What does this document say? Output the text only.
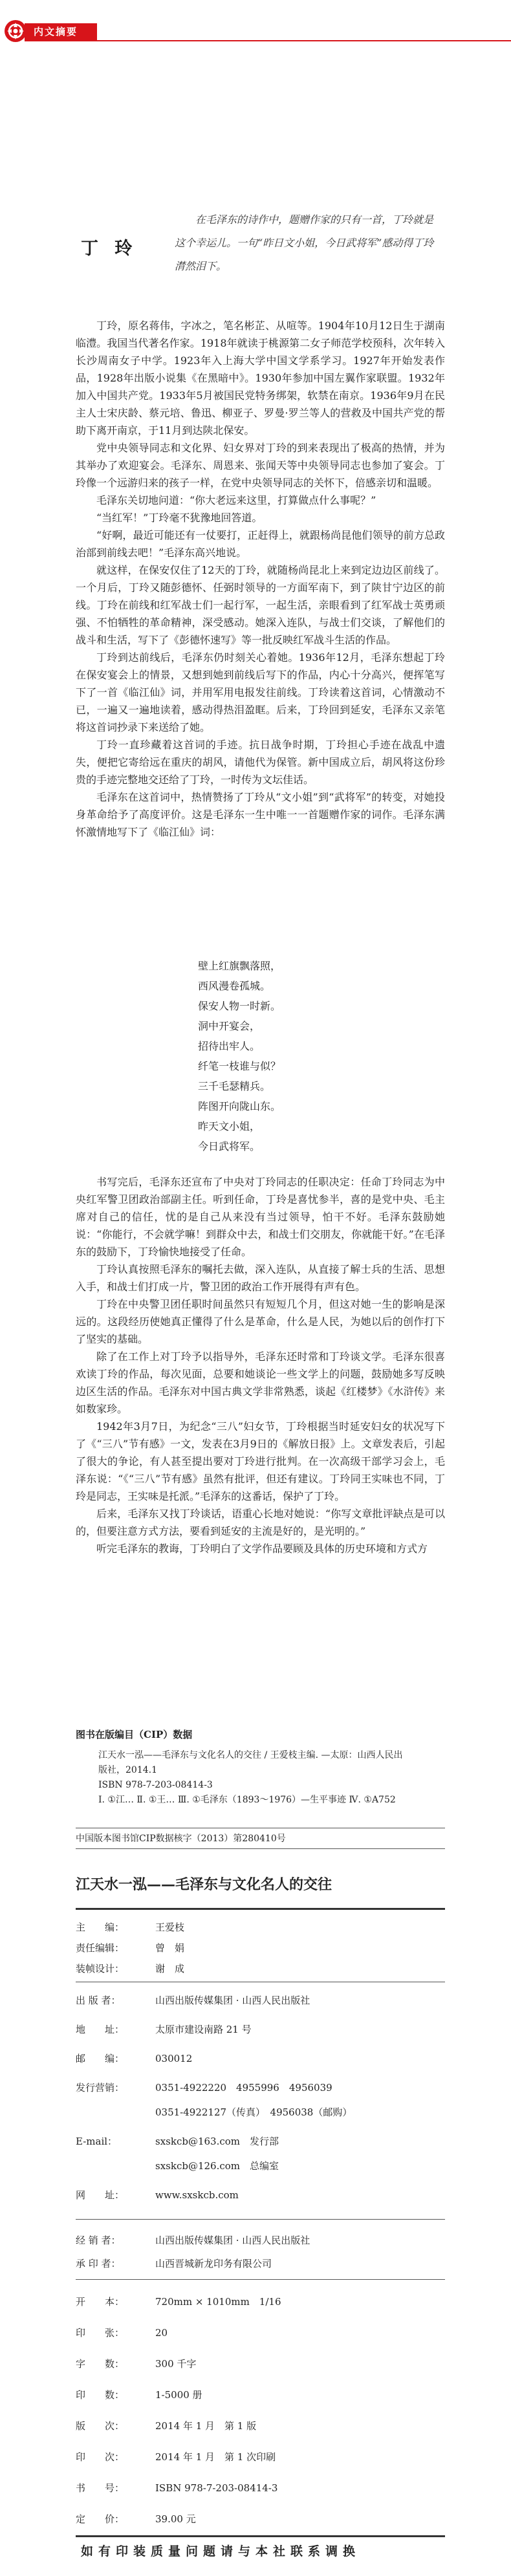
内文摘要
丁 玲
在毛泽东的诗作中，题赠作家的只有一首，丁玲就是这个幸运儿。一句“昨日文小姐，今日武将军”感动得丁玲潸然泪下。

丁玲，原名蒋伟，字冰之，笔名彬芷、从喧等。1904年10月12日生于湖南临澧。我国当代著名作家。1918年就读于桃源第二女子师范学校预科，次年转入长沙周南女子中学。1923年入上海大学中国文学系学习。1927年开始发表作品，1928年出版小说集《在黑暗中》。1930年参加中国左翼作家联盟。1932年加入中国共产党。1933年5月被国民党特务绑架，软禁在南京。1936年9月在民主人士宋庆龄、蔡元培、鲁迅、柳亚子、罗曼·罗兰等人的营救及中国共产党的帮助下离开南京，于11月到达陕北保安。

党中央领导同志和文化界、妇女界对丁玲的到来表现出了极高的热情，并为其举办了欢迎宴会。毛泽东、周恩来、张闻天等中央领导同志也参加了宴会。丁玲像一个远游归来的孩子一样，在党中央领导同志的关怀下，倍感亲切和温暖。

毛泽东关切地问道：“你大老远来这里，打算做点什么事呢？”

“当红军！”丁玲毫不犹豫地回答道。

“好啊，最近可能还有一仗要打，正赶得上，就跟杨尚昆他们领导的前方总政治部到前线去吧！”毛泽东高兴地说。

就这样，在保安仅住了12天的丁玲，就随杨尚昆北上来到定边边区前线了。一个月后，丁玲又随彭德怀、任弼时领导的一方面军南下，到了陕甘宁边区的前线。丁玲在前线和红军战士们一起行军，一起生活，亲眼看到了红军战士英勇顽强、不怕牺牲的革命精神，深受感动。她深入连队，与战士们交谈，了解他们的战斗和生活，写下了《彭德怀速写》等一批反映红军战斗生活的作品。

丁玲到达前线后，毛泽东仍时刻关心着她。1936年12月，毛泽东想起丁玲在保安宴会上的情景，又想到她到前线后写下的作品，内心十分高兴，便挥笔写下了一首《临江仙》词，并用军用电报发往前线。丁玲读着这首词，心情激动不已，一遍又一遍地读着，感动得热泪盈眶。后来，丁玲回到延安，毛泽东又亲笔将这首词抄录下来送给了她。

丁玲一直珍藏着这首词的手迹。抗日战争时期，丁玲担心手迹在战乱中遗失，便把它寄给远在重庆的胡风，请他代为保管。新中国成立后，胡风将这份珍贵的手迹完整地交还给了丁玲，一时传为文坛佳话。

毛泽东在这首词中，热情赞扬了丁玲从“文小姐”到“武将军”的转变，对她投身革命给予了高度评价。这是毛泽东一生中唯一一首题赠作家的词作。毛泽东满怀激情地写下了《临江仙》词：

壁上红旗飘落照，
西风漫卷孤城。
保安人物一时新。
洞中开宴会，
招待出牢人。
纤笔一枝谁与似？
三千毛瑟精兵。
阵图开向陇山东。
昨天文小姐，
今日武将军。

书写完后，毛泽东还宣布了中央对丁玲同志的任职决定：任命丁玲同志为中央红军警卫团政治部副主任。听到任命，丁玲是喜忧参半，喜的是党中央、毛主席对自己的信任，忧的是自己从来没有当过领导，怕干不好。毛泽东鼓励她说：“你能行，不会就学嘛！到群众中去，和战士们交朋友，你就能干好。”在毛泽东的鼓励下，丁玲愉快地接受了任命。

丁玲认真按照毛泽东的嘱托去做，深入连队，从直接了解士兵的生活、思想入手，和战士们打成一片，警卫团的政治工作开展得有声有色。

丁玲在中央警卫团任职时间虽然只有短短几个月，但这对她一生的影响是深远的。这段经历使她真正懂得了什么是革命，什么是人民，为她以后的创作打下了坚实的基础。

除了在工作上对丁玲予以指导外，毛泽东还时常和丁玲谈文学。毛泽东很喜欢读丁玲的作品，每次见面，总要和她谈论一些文学上的问题，鼓励她多写反映边区生活的作品。毛泽东对中国古典文学非常熟悉，谈起《红楼梦》《水浒传》来如数家珍。

1942年3月7日，为纪念“三八”妇女节，丁玲根据当时延安妇女的状况写下了《“三八”节有感》一文，发表在3月9日的《解放日报》上。文章发表后，引起了很大的争论，有人甚至提出要对丁玲进行批判。在一次高级干部学习会上，毛泽东说：“《“三八”节有感》虽然有批评，但还有建议。丁玲同王实味也不同，丁玲是同志，王实味是托派。”毛泽东的这番话，保护了丁玲。

后来，毛泽东又找丁玲谈话，语重心长地对她说：“你写文章批评缺点是可以的，但要注意方式方法，要看到延安的主流是好的，是光明的。”

听完毛泽东的教诲，丁玲明白了文学作品要顾及具体的历史环境和方式方

图书在版编目（CIP）数据

江天水一泓——毛泽东与文化名人的交往 / 王爱枝主编. —太原：山西人民出版社，2014.1

ISBN 978-7-203-08414-3

Ⅰ. ①江… Ⅱ. ①王… Ⅲ. ①毛泽东（1893～1976）—生平事迹 Ⅳ. ①A752

中国版本图书馆CIP数据核字（2013）第280410号
江天水一泓——毛泽东与文化名人的交往
主　　编：	王爱枝
责任编辑：	曾　娟
装帧设计：	谢　成
出 版 者：	山西出版传媒集团 · 山西人民出版社
地　　址：	太原市建设南路 21 号
邮　　编：	030012
发行营销：	0351-4922220　4955996　4956039
0351-4922127（传真）　4956038（邮购）
E-mail：	sxskcb@163.com　发行部
sxskcb@126.com　总编室
网　　址：	www.sxskcb.com
经 销 者：	山西出版传媒集团 · 山西人民出版社
承 印 者：	山西晋城新龙印务有限公司
开　　本：	720mm × 1010mm　1/16
印　　张：	20
字　　数：	300 千字
印　　数：	1-5000 册
版　　次：	2014 年 1 月　第 1 版
印　　次：	2014 年 1 月　第 1 次印刷
书　　号：	ISBN 978-7-203-08414-3
定　　价：	39.00 元
如有印装质量问题请与本社联系调换
